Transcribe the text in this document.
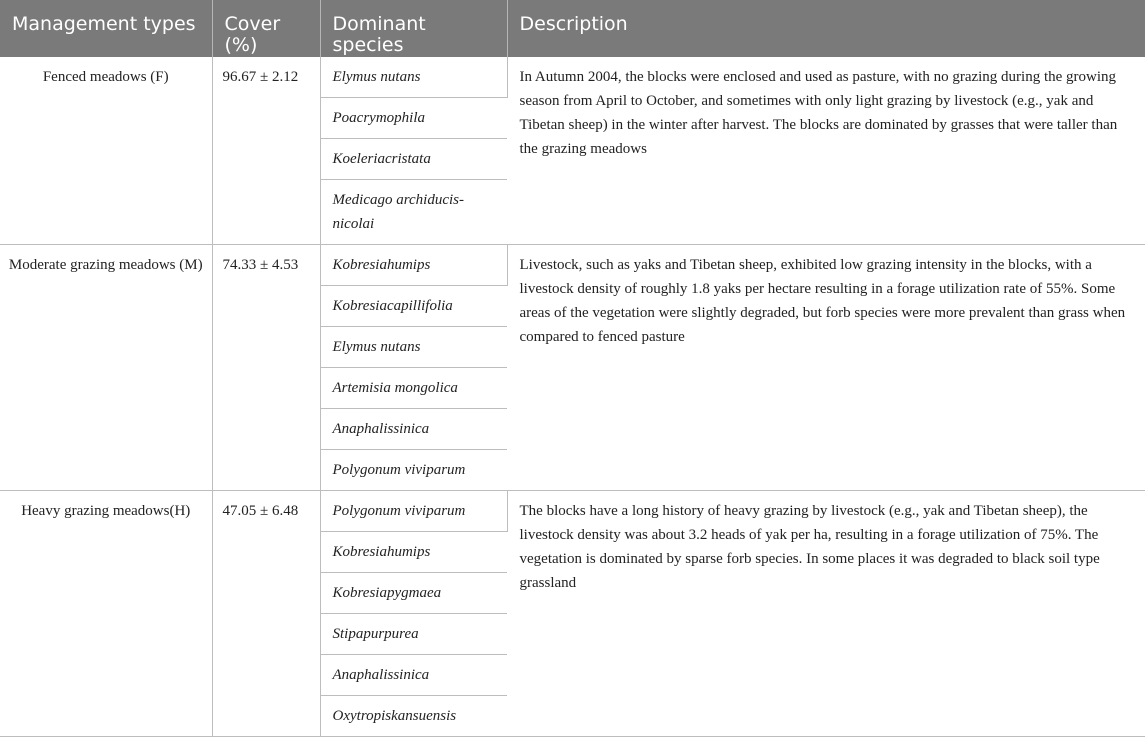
Management types	Cover (%)	Dominant species	Description
Fenced meadows (F)	96.67 ± 2.12	Elymus nutans	In Autumn 2004, the blocks were enclosed and used as pasture, with no grazing during the growing season from April to October, and sometimes with only light grazing by livestock (e.g., yak and Tibetan sheep) in the winter after harvest. The blocks are dominated by grasses that were taller than the grazing meadows

		Poacrymophila	

		Koeleriacristata	

		Medicago archiducis-nicolai	

Moderate grazing meadows (M)	74.33 ± 4.53	Kobresiahumips	Livestock, such as yaks and Tibetan sheep, exhibited low grazing intensity in the blocks, with a livestock density of roughly 1.8 yaks per hectare resulting in a forage utilization rate of 55%. Some areas of the vegetation were slightly degraded, but forb species were more prevalent than grass when compared to fenced pasture

		Kobresiacapillifolia	

		Elymus nutans	

		Artemisia mongolica	

		Anaphalissinica	

		Polygonum viviparum	

Heavy grazing meadows(H)	47.05 ± 6.48	Polygonum viviparum	The blocks have a long history of heavy grazing by livestock (e.g., yak and Tibetan sheep), the livestock density was about 3.2 heads of yak per ha, resulting in a forage utilization of 75%. The vegetation is dominated by sparse forb species. In some places it was degraded to black soil type grassland

		Kobresiahumips	

		Kobresiapygmaea	

		Stipapurpurea	

		Anaphalissinica	

		Oxytropiskansuensis	
